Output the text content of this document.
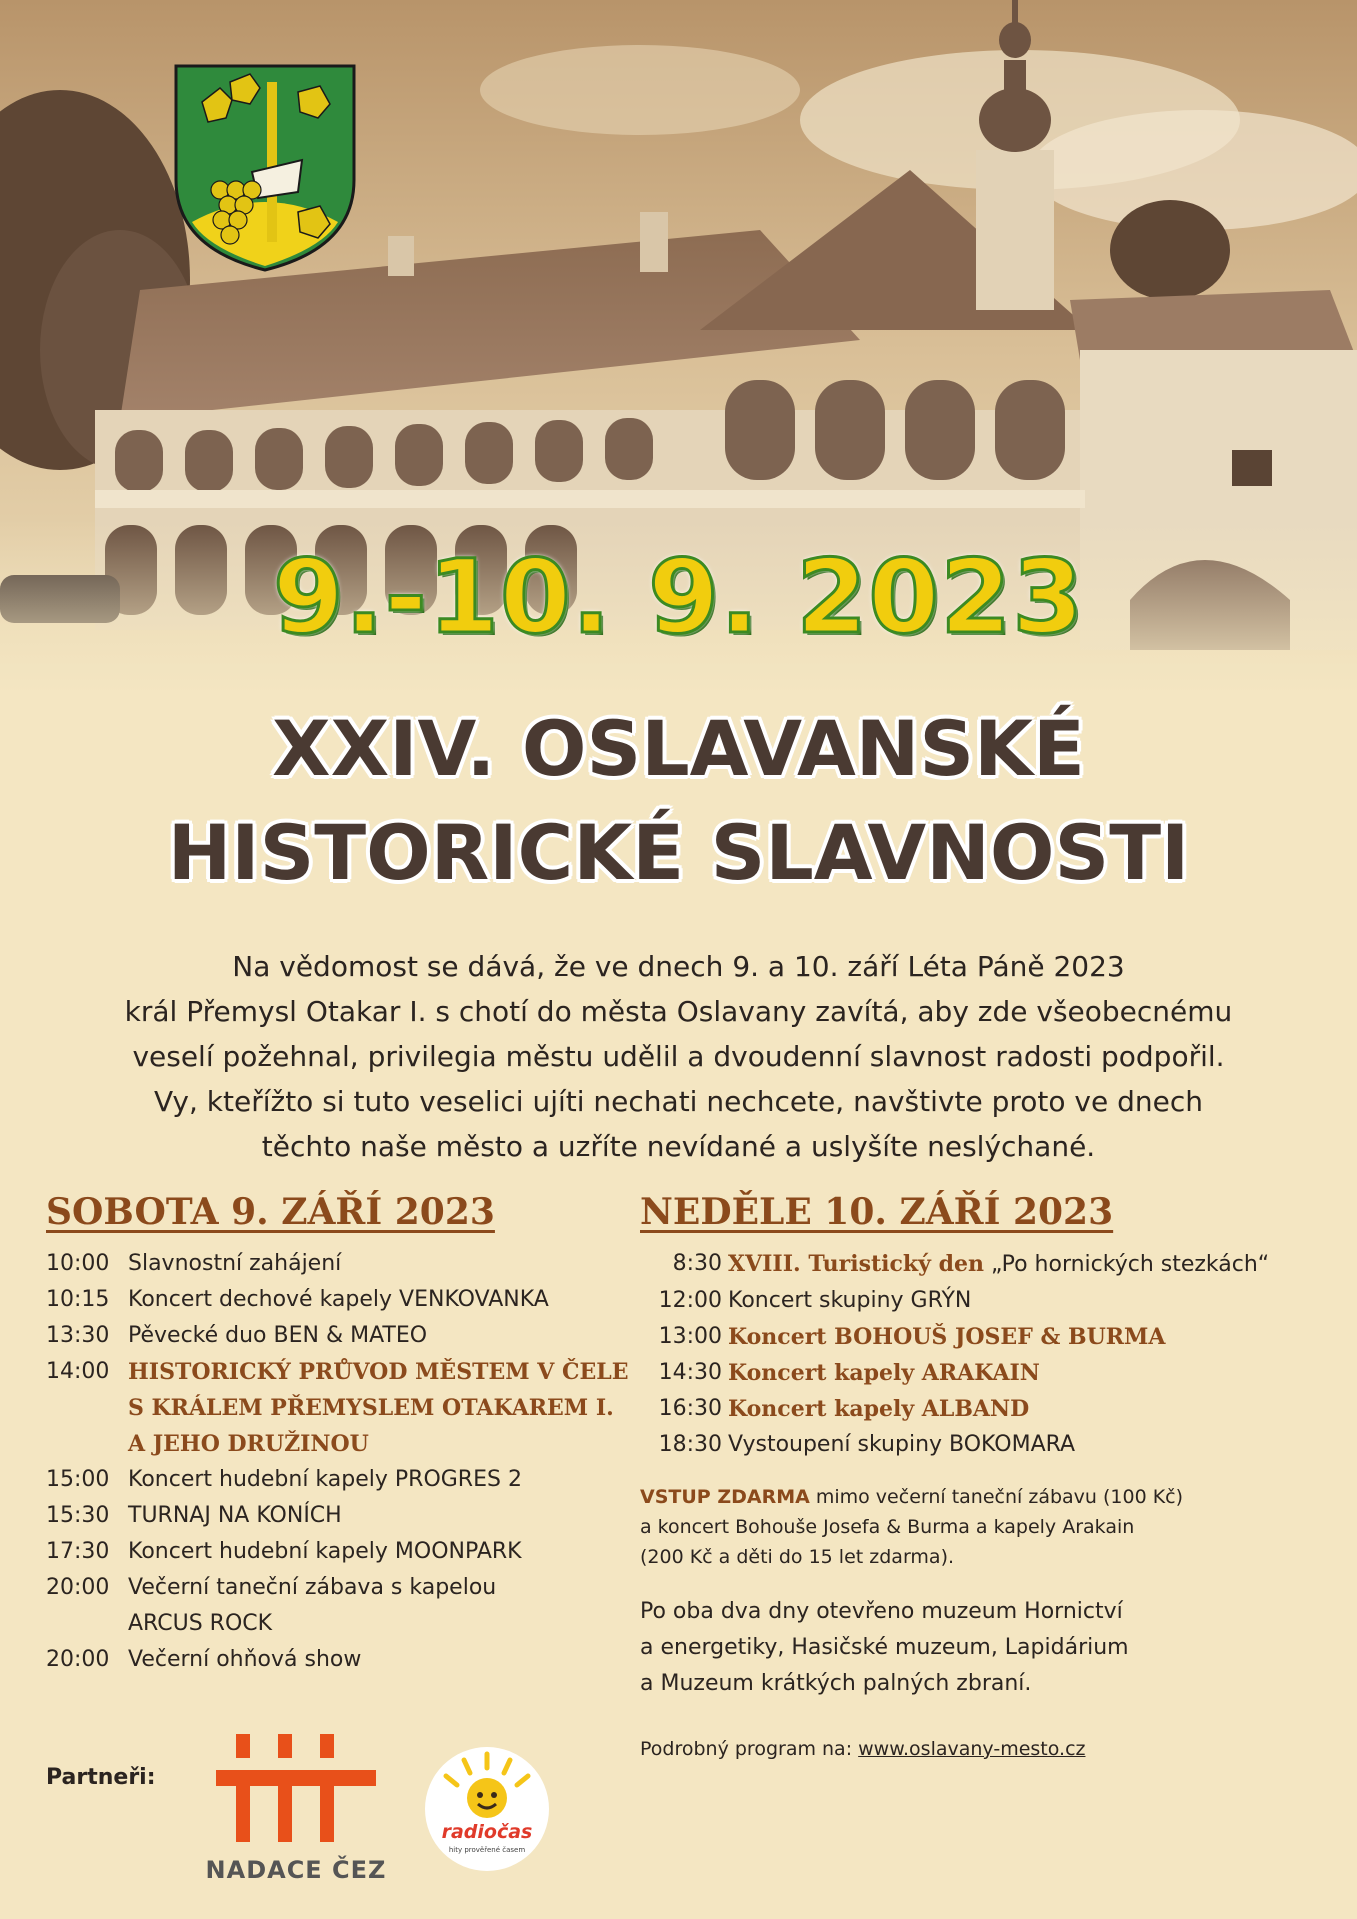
9.-10. 9. 2023
XXIV. OSLAVANSKÉ
HISTORICKÉ SLAVNOSTI
Na vědomost se dává, že ve dnech 9. a 10. září Léta Páně 2023
král Přemysl Otakar I. s chotí do města Oslavany zavítá, aby zde všeobecnému
veselí požehnal, privilegia městu udělil a dvoudenní slavnost radosti podpořil.
Vy, kteřížto si tuto veselici ujíti nechati nechcete, navštivte proto ve dnech
těchto naše město a uzříte nevídané a uslyšíte neslýchané.
SOBOTA 9. ZÁŘÍ 2023
10:00 Slavnostní zahájení
10:15 Koncert dechové kapely VENKOVANKA
13:30 Pěvecké duo BEN & MATEO
14:00 HISTORICKÝ PRŮVOD MĚSTEM V ČELE
S KRÁLEM PŘEMYSLEM OTAKAREM I.
A JEHO DRUŽINOU
15:00 Koncert hudební kapely PROGRES 2
15:30 TURNAJ NA KONÍCH
17:30 Koncert hudební kapely MOONPARK
20:00 Večerní taneční zábava s kapelou
ARCUS ROCK
20:00 Večerní ohňová show
NEDĚLE 10. ZÁŘÍ 2023
8:30 XVIII. Turistický den „Po hornických stezkách“
12:00 Koncert skupiny GRÝN
13:00 Koncert BOHOUŠ JOSEF & BURMA
14:30 Koncert kapely ARAKAIN
16:30 Koncert kapely ALBAND
18:30 Vystoupení skupiny BOKOMARA
VSTUP ZDARMA mimo večerní taneční zábavu (100 Kč)
a koncert Bohouše Josefa & Burma a kapely Arakain
(200 Kč a děti do 15 let zdarma).
Po oba dva dny otevřeno muzeum Hornictví
a energetiky, Hasičské muzeum, Lapidárium
a Muzeum krátkých palných zbraní.
Podrobný program na: www.oslavany-mesto.cz
Partneři:
NADACE ČEZ
radiočas
hity prověřené časem
